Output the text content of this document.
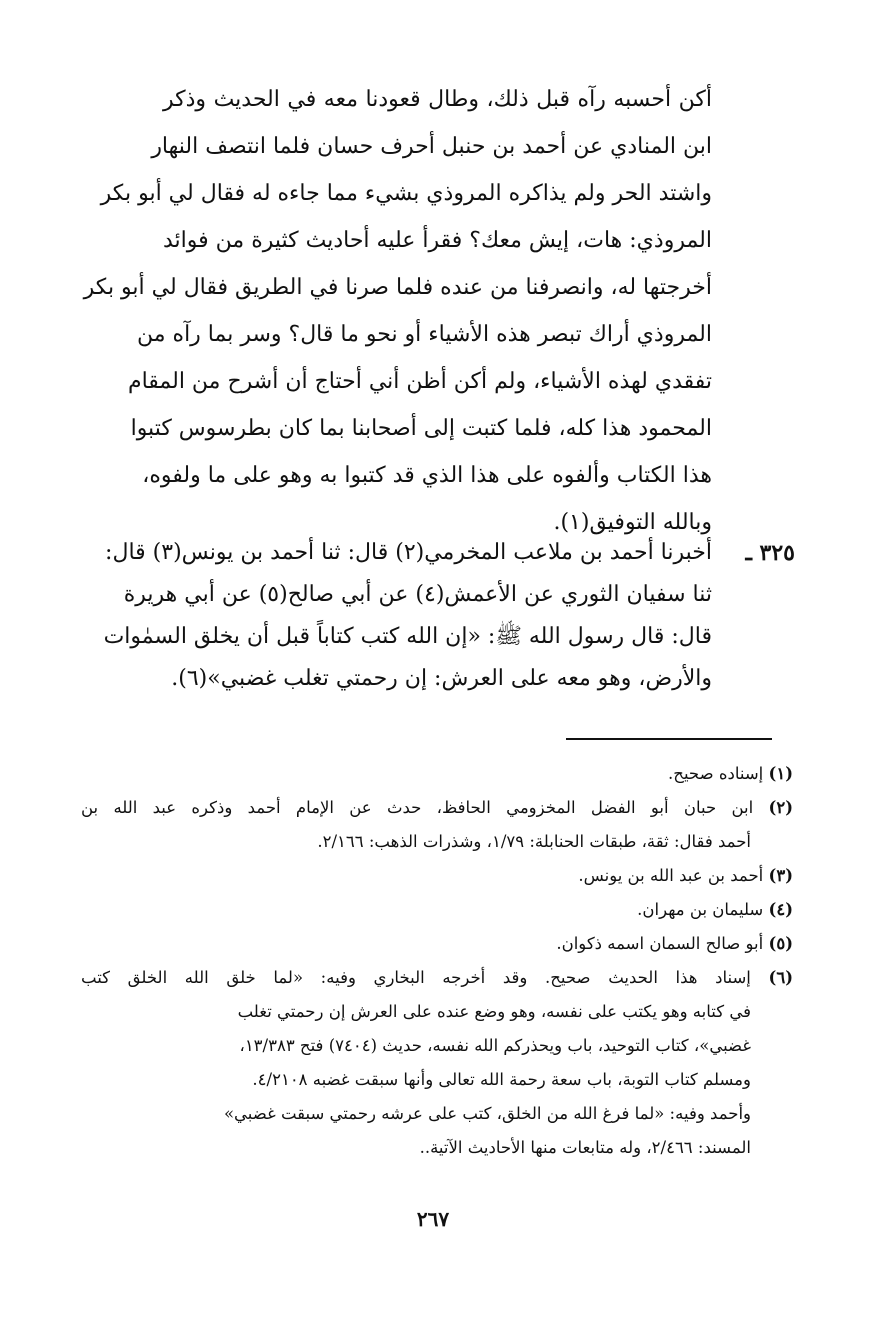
أكن أحسبه رآه قبل ذلك، وطال قعودنا معه في الحديث وذكر
ابن المنادي عن أحمد بن حنبل أحرف حسان فلما انتصف النهار
واشتد الحر ولم يذاكره المروذي بشيء مما جاءه له فقال لي أبو بكر
المروذي: هات، إيش معك؟ فقرأ عليه أحاديث كثيرة من فوائد
أخرجتها له، وانصرفنا من عنده فلما صرنا في الطريق فقال لي أبو بكر
المروذي أراك تبصر هذه الأشياء أو نحو ما قال؟ وسر بما رآه من
تفقدي لهذه الأشياء، ولم أكن أظن أني أحتاج أن أشرح من المقام
المحمود هذا كله، فلما كتبت إلى أصحابنا بما كان بطرسوس كتبوا
هذا الكتاب وألفوه على هذا الذي قد كتبوا به وهو على ما ولفوه،
وبالله التوفيق(١).
٣٢٥ ـ
أخبرنا أحمد بن ملاعب المخرمي(٢) قال: ثنا أحمد بن يونس(٣) قال:
ثنا سفيان الثوري عن الأعمش(٤) عن أبي صالح(٥) عن أبي هريرة
قال: قال رسول الله ﷺ: «إن الله كتب كتاباً قبل أن يخلق السمٰوات
والأرض، وهو معه على العرش: إن رحمتي تغلب غضبي»(٦).
(١) إسناده صحيح.
(٢) ابن حبان أبو الفضل المخزومي الحافظ، حدث عن الإمام أحمد وذكره عبد الله بن
أحمد فقال: ثقة، طبقات الحنابلة: ١/٧٩، وشذرات الذهب: ٢/١٦٦.
(٣) أحمد بن عبد الله بن يونس.
(٤) سليمان بن مهران.
(٥) أبو صالح السمان اسمه ذكوان.
(٦) إسناد هذا الحديث صحيح. وقد أخرجه البخاري وفيه: «لما خلق الله الخلق كتب
في كتابه وهو يكتب على نفسه، وهو وضع عنده على العرش إن رحمتي تغلب
غضبي»، كتاب التوحيد، باب ويحذركم الله نفسه، حديث (٧٤٠٤) فتح ١٣/٣٨٣،
ومسلم كتاب التوبة، باب سعة رحمة الله تعالى وأنها سبقت غضبه ٤/٢١٠٨.
وأحمد وفيه: «لما فرغ الله من الخلق، كتب على عرشه رحمتي سبقت غضبي»
المسند: ٢/٤٦٦، وله متابعات منها الأحاديث الآتية..
٢٦٧
